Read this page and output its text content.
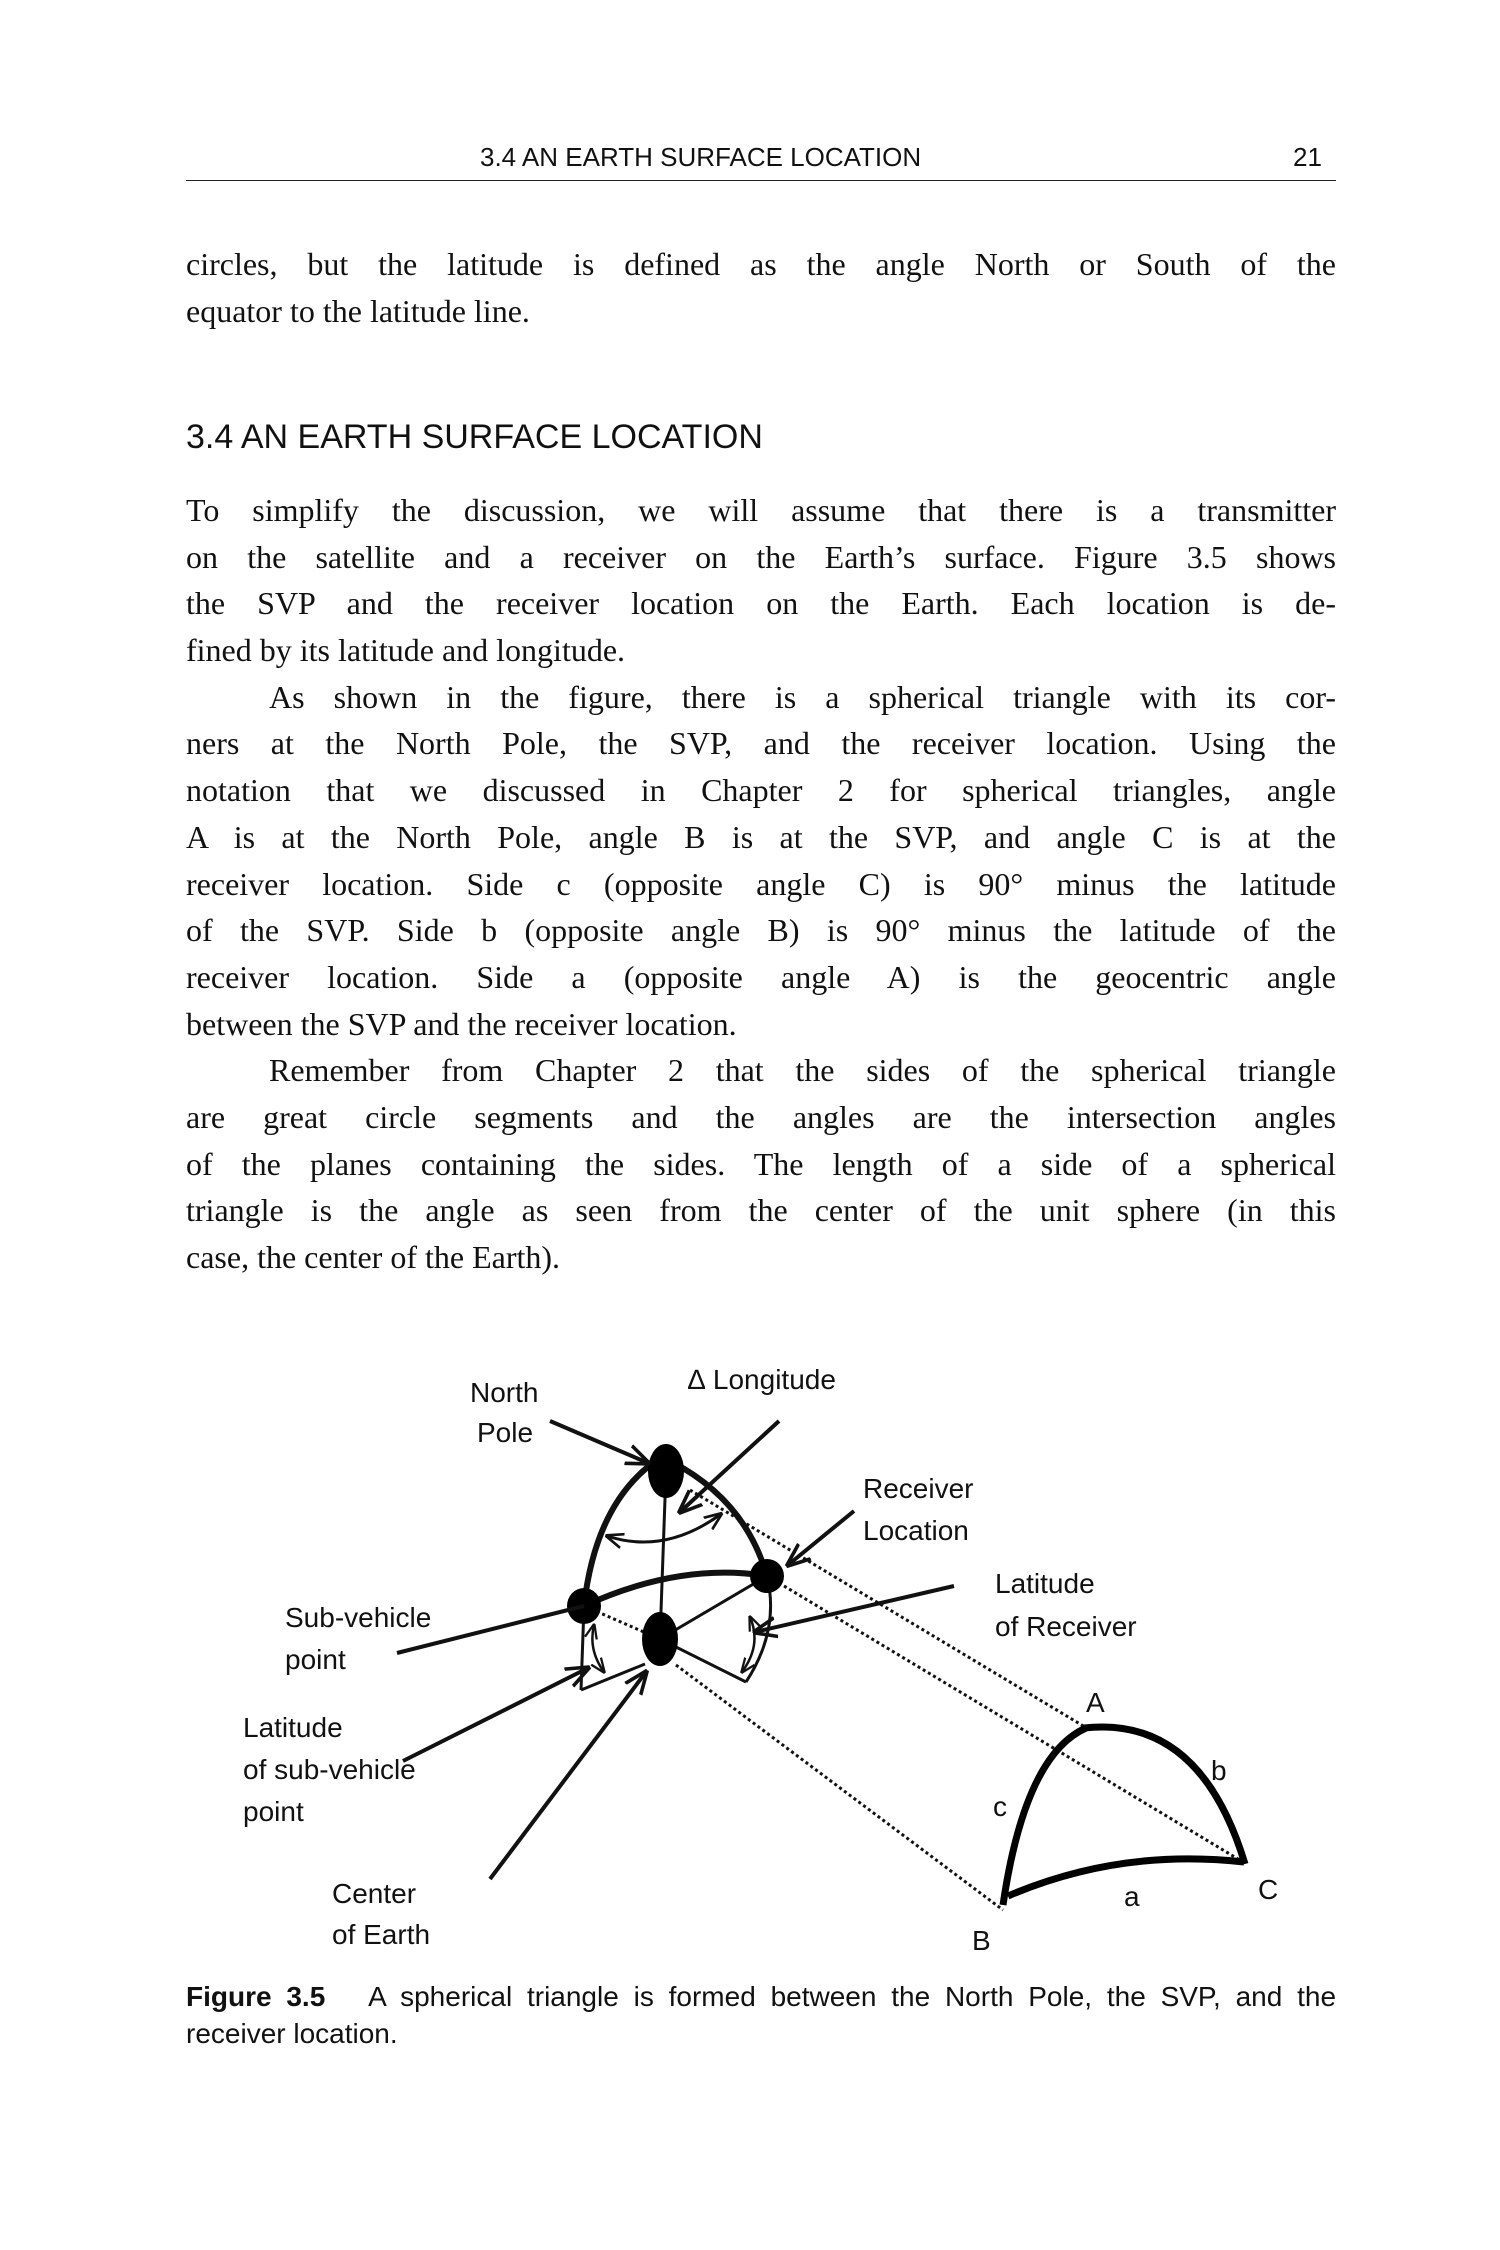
3.4 AN EARTH SURFACE LOCATION	21
circles, but the latitude is defined as the angle North or South of the
equator to the latitude line.
3.4 AN EARTH SURFACE LOCATION
To simplify the discussion, we will assume that there is a transmitter
on the satellite and a receiver on the Earth’s surface. Figure 3.5 shows
the SVP and the receiver location on the Earth. Each location is de-
fined by its latitude and longitude.
As shown in the figure, there is a spherical triangle with its cor-
ners at the North Pole, the SVP, and the receiver location. Using the
notation that we discussed in Chapter 2 for spherical triangles, angle
A is at the North Pole, angle B is at the SVP, and angle C is at the
receiver location. Side c (opposite angle C) is 90° minus the latitude
of the SVP. Side b (opposite angle B) is 90° minus the latitude of the
receiver location. Side a (opposite angle A) is the geocentric angle
between the SVP and the receiver location.
Remember from Chapter 2 that the sides of the spherical triangle
are great circle segments and the angles are the intersection angles
of the planes containing the sides. The length of a side of a spherical
triangle is the angle as seen from the center of the unit sphere (in this
case, the center of the Earth).
North
Pole
∆ Longitude
Receiver
Location
Latitude
of Receiver
Sub-vehicle
point
Latitude
of sub-vehicle
point
Center
of Earth
A
B
C
a
b
c
Figure 3.5 A spherical triangle is formed between the North Pole, the SVP, and the
receiver location.
